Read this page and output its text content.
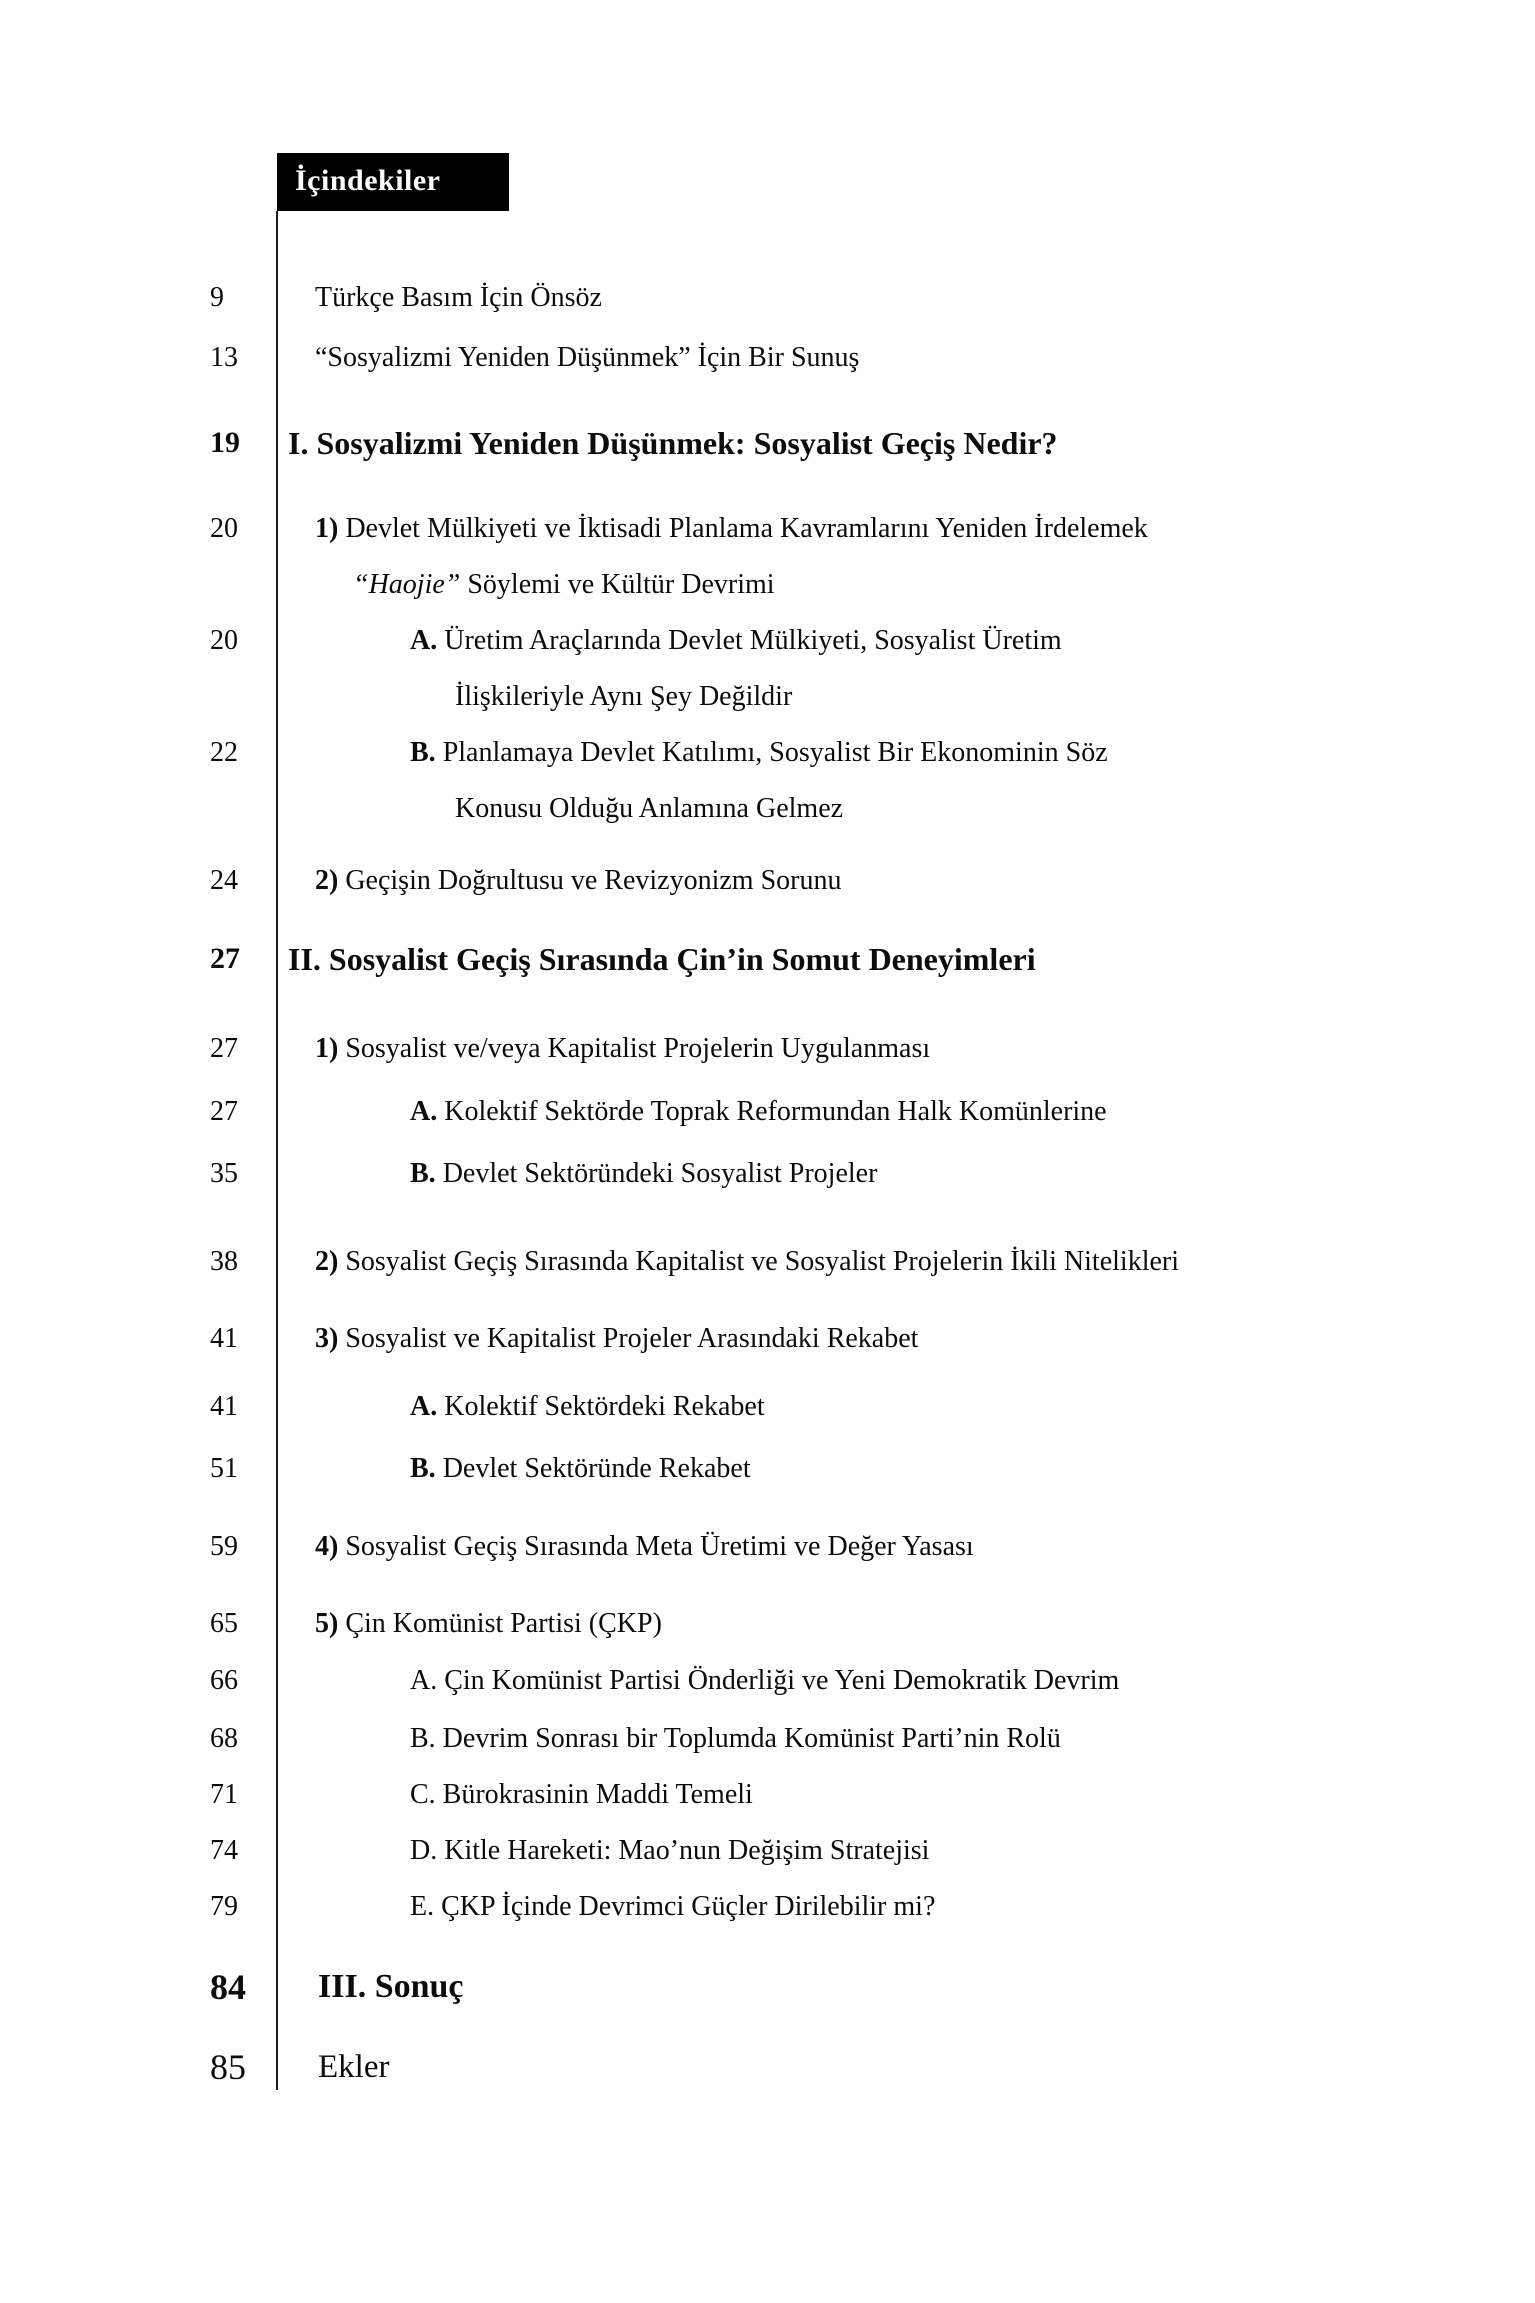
İçindekiler
9	Türkçe Basım İçin Önsöz
13	“Sosyalizmi Yeniden Düşünmek” İçin Bir Sunuş
19 I. Sosyalizmi Yeniden Düşünmek: Sosyalist Geçiş Nedir?
20	1) Devlet Mülkiyeti ve İktisadi Planlama Kavramlarını Yeniden İrdelemek
“Haojie” Söylemi ve Kültür Devrimi
20	A. Üretim Araçlarında Devlet Mülkiyeti, Sosyalist Üretim
İlişkileriyle Aynı Şey Değildir
22	B. Planlamaya Devlet Katılımı, Sosyalist Bir Ekonominin Söz
Konusu Olduğu Anlamına Gelmez
24	2) Geçişin Doğrultusu ve Revizyonizm Sorunu
27 II. Sosyalist Geçiş Sırasında Çin’in Somut Deneyimleri
27	1) Sosyalist ve/veya Kapitalist Projelerin Uygulanması
27	A. Kolektif Sektörde Toprak Reformundan Halk Komünlerine
35	B. Devlet Sektöründeki Sosyalist Projeler
38	2) Sosyalist Geçiş Sırasında Kapitalist ve Sosyalist Projelerin İkili Nitelikleri
41	3) Sosyalist ve Kapitalist Projeler Arasındaki Rekabet
41	A. Kolektif Sektördeki Rekabet
51	B. Devlet Sektöründe Rekabet
59	4) Sosyalist Geçiş Sırasında Meta Üretimi ve Değer Yasası
65	5) Çin Komünist Partisi (ÇKP)
66	A. Çin Komünist Partisi Önderliği ve Yeni Demokratik Devrim
68	B. Devrim Sonrası bir Toplumda Komünist Parti’nin Rolü
71	C. Bürokrasinin Maddi Temeli
74	D. Kitle Hareketi: Mao’nun Değişim Stratejisi
79	E. ÇKP İçinde Devrimci Güçler Dirilebilir mi?
84 III. Sonuç
85 Ekler
